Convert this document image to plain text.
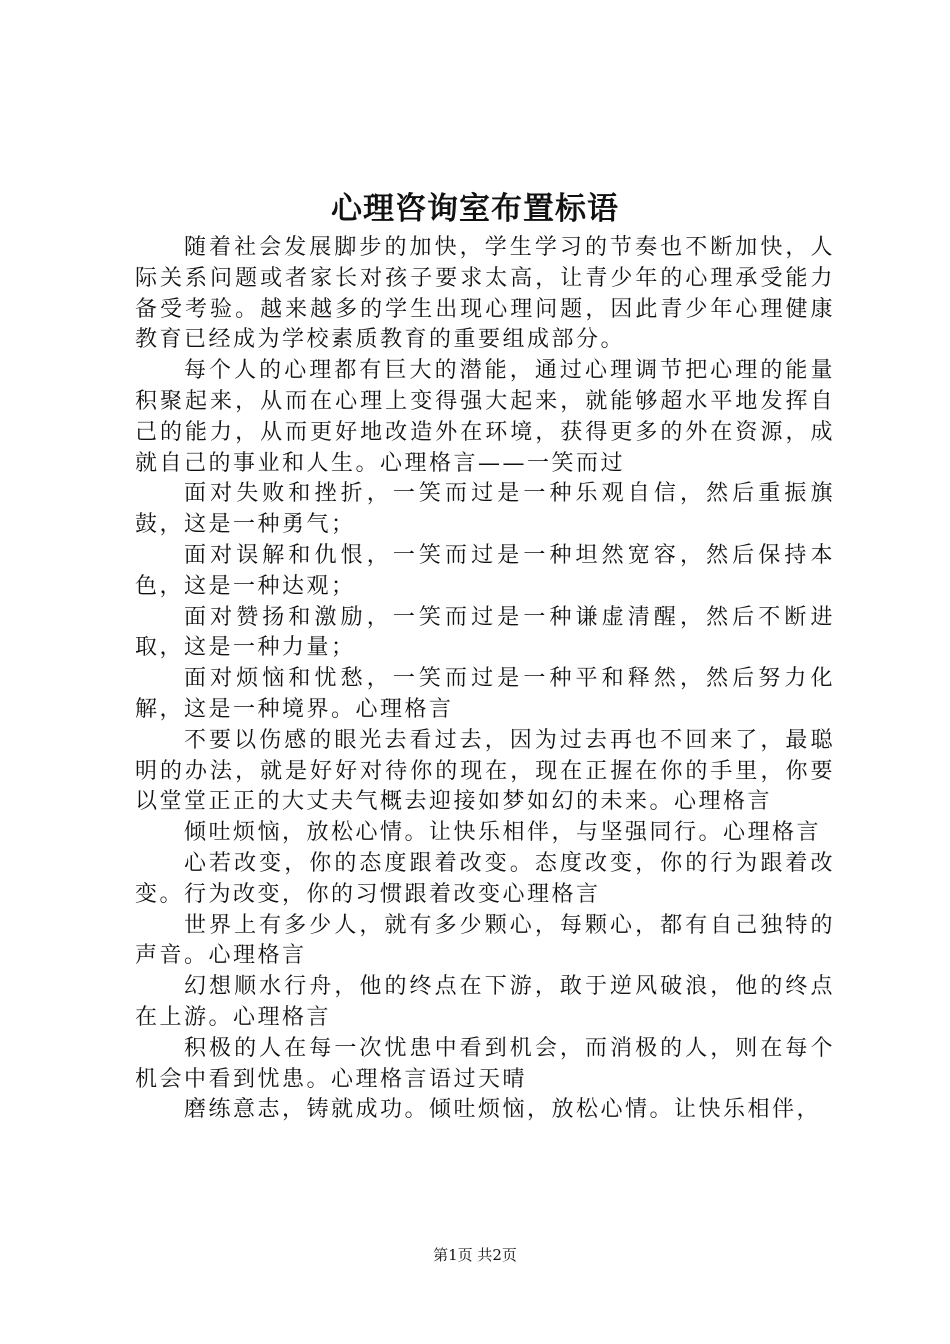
心理咨询室布置标语

随着社会发展脚步的加快，学生学习的节奏也不断加快，人际关系问题或者家长对孩子要求太高，让青少年的心理承受能力备受考验。越来越多的学生出现心理问题，因此青少年心理健康教育已经成为学校素质教育的重要组成部分。

每个人的心理都有巨大的潜能，通过心理调节把心理的能量积聚起来，从而在心理上变得强大起来，就能够超水平地发挥自己的能力，从而更好地改造外在环境，获得更多的外在资源，成就自己的事业和人生。心理格言——一笑而过

面对失败和挫折，一笑而过是一种乐观自信，然后重振旗鼓，这是一种勇气；

面对误解和仇恨，一笑而过是一种坦然宽容，然后保持本色，这是一种达观；

面对赞扬和激励，一笑而过是一种谦虚清醒，然后不断进取，这是一种力量；

面对烦恼和忧愁，一笑而过是一种平和释然，然后努力化解，这是一种境界。心理格言

不要以伤感的眼光去看过去，因为过去再也不回来了，最聪明的办法，就是好好对待你的现在，现在正握在你的手里，你要以堂堂正正的大丈夫气概去迎接如梦如幻的未来。心理格言

倾吐烦恼，放松心情。让快乐相伴，与坚强同行。心理格言

心若改变，你的态度跟着改变。态度改变，你的行为跟着改变。行为改变，你的习惯跟着改变心理格言

世界上有多少人，就有多少颗心，每颗心，都有自己独特的声音。心理格言

幻想顺水行舟，他的终点在下游，敢于逆风破浪，他的终点在上游。心理格言

积极的人在每一次忧患中看到机会，而消极的人，则在每个机会中看到忧患。心理格言语过天晴

磨练意志，铸就成功。倾吐烦恼，放松心情。让快乐相伴，

第1页 共2页
